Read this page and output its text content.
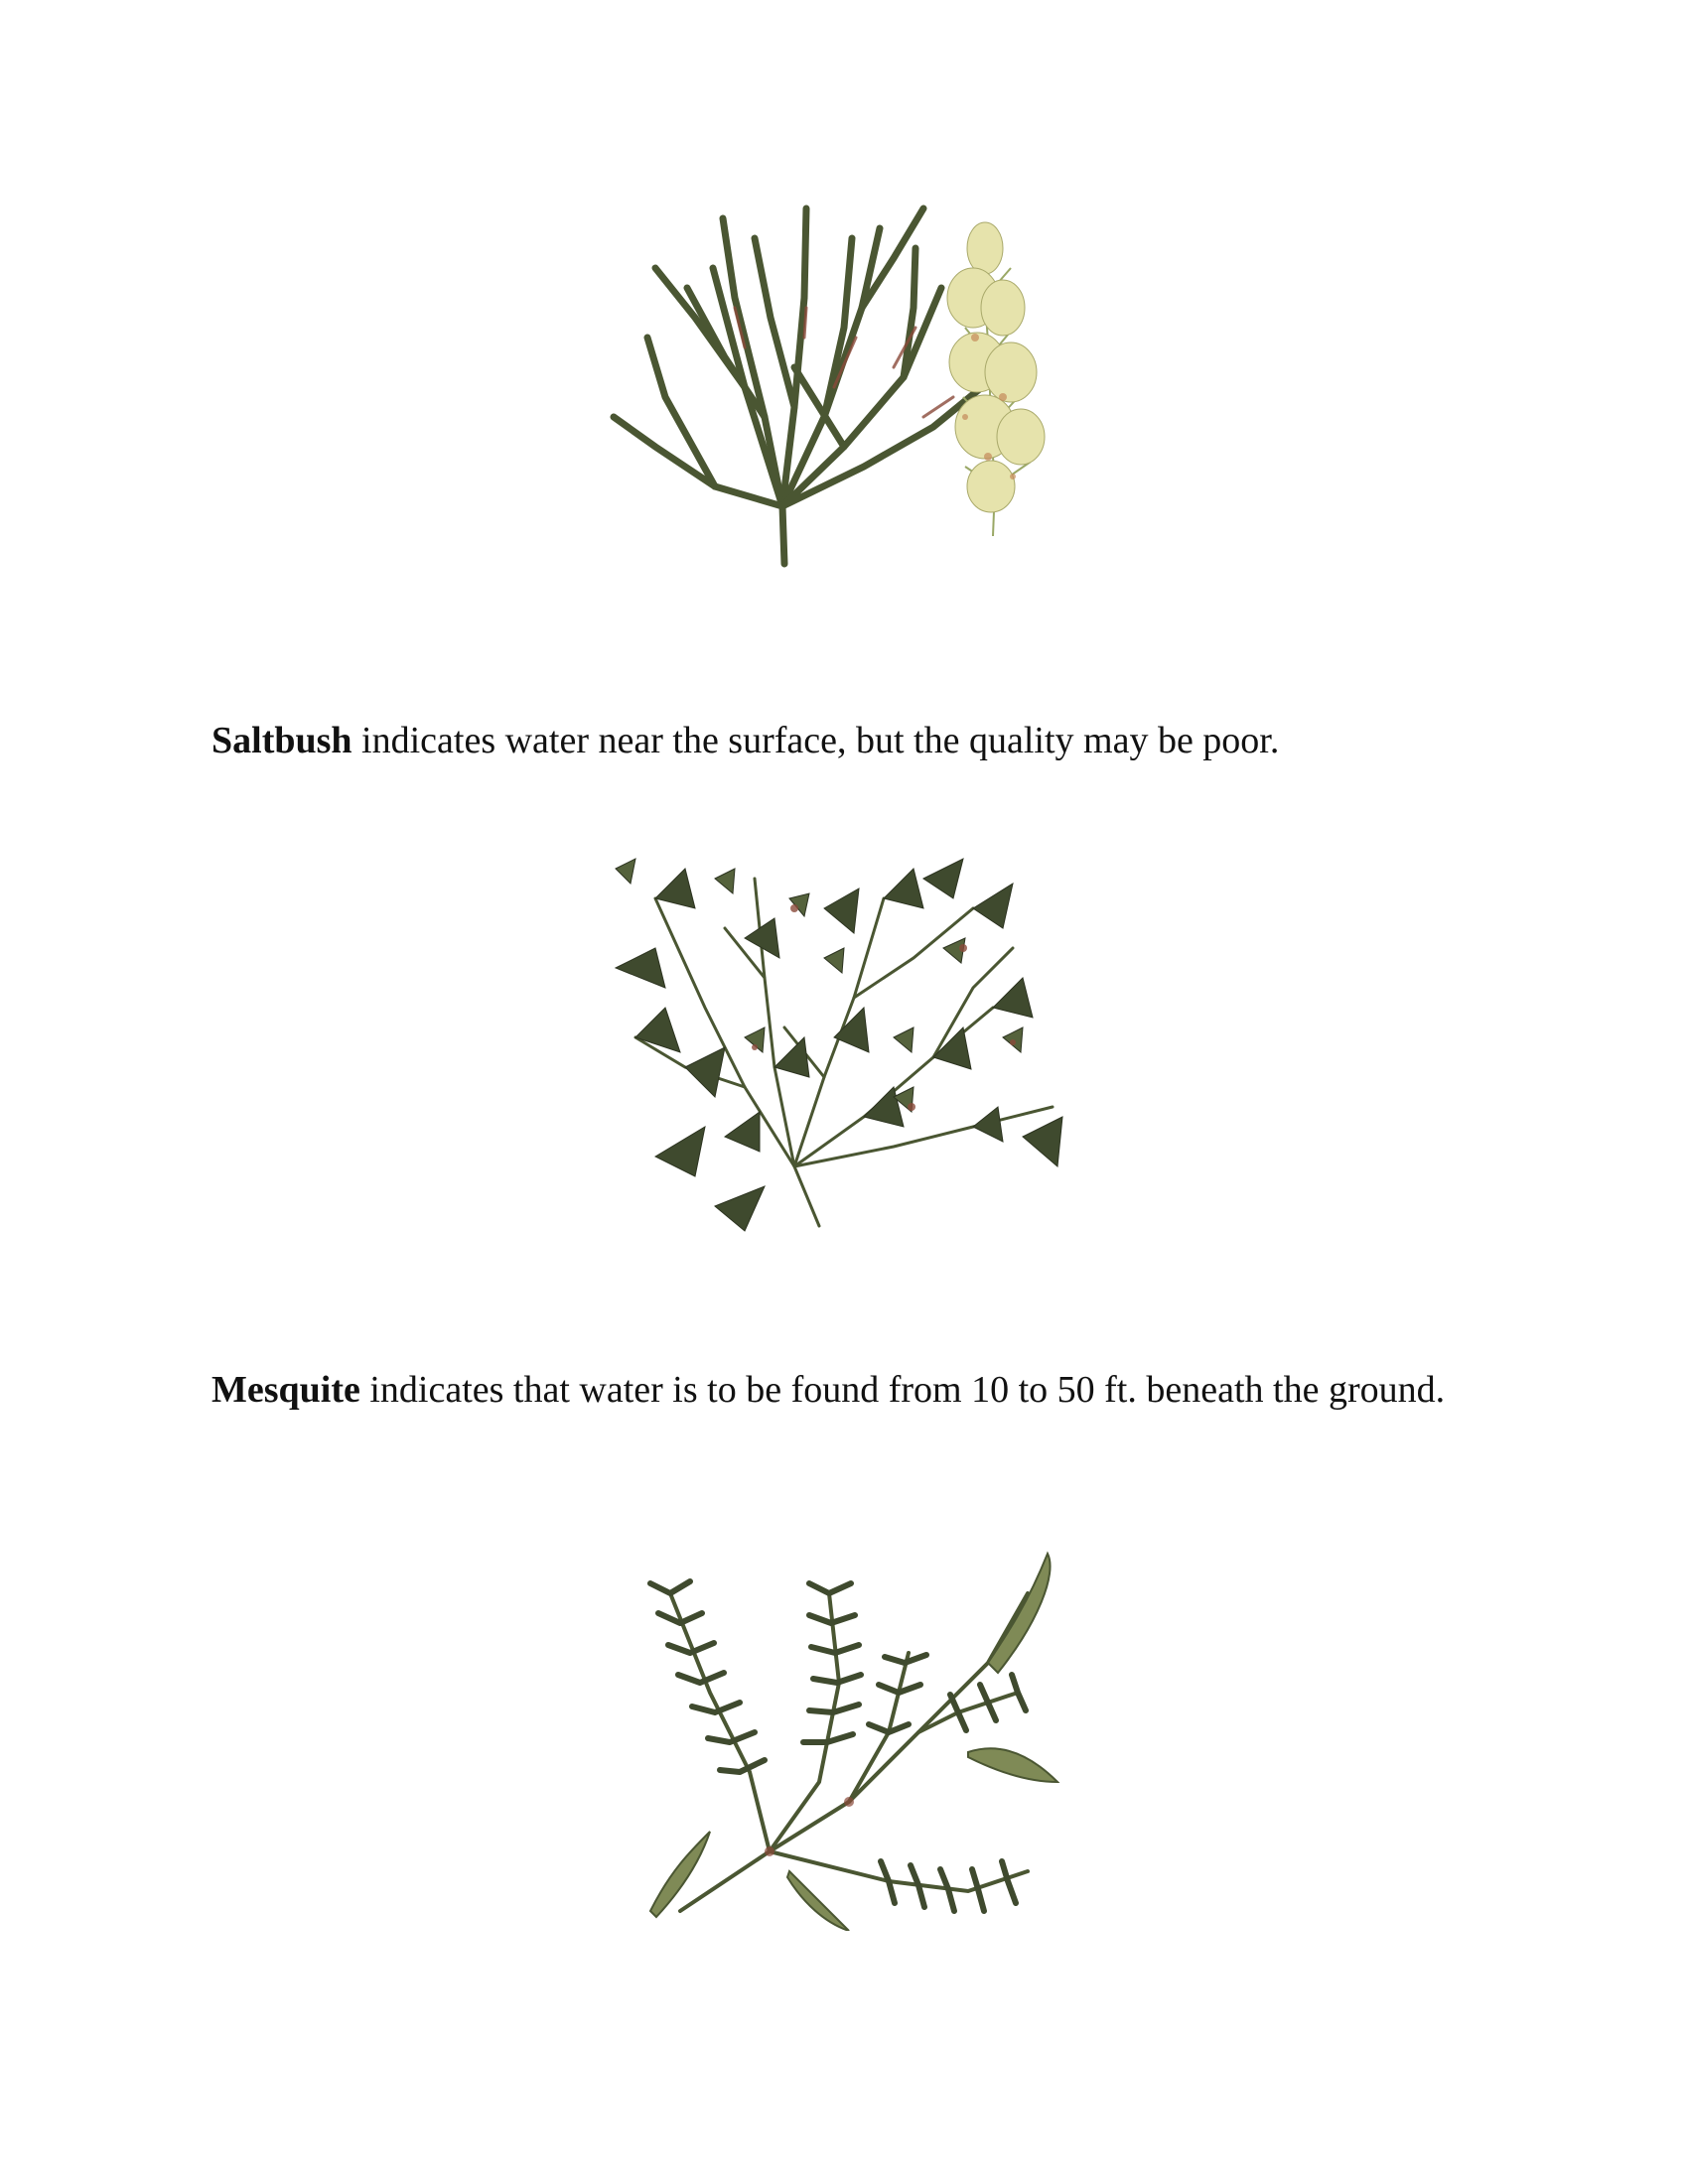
Saltbush indicates water near the surface, but the quality may be poor.

Mesquite indicates that water is to be found from 10 to 50 ft. beneath the ground.
